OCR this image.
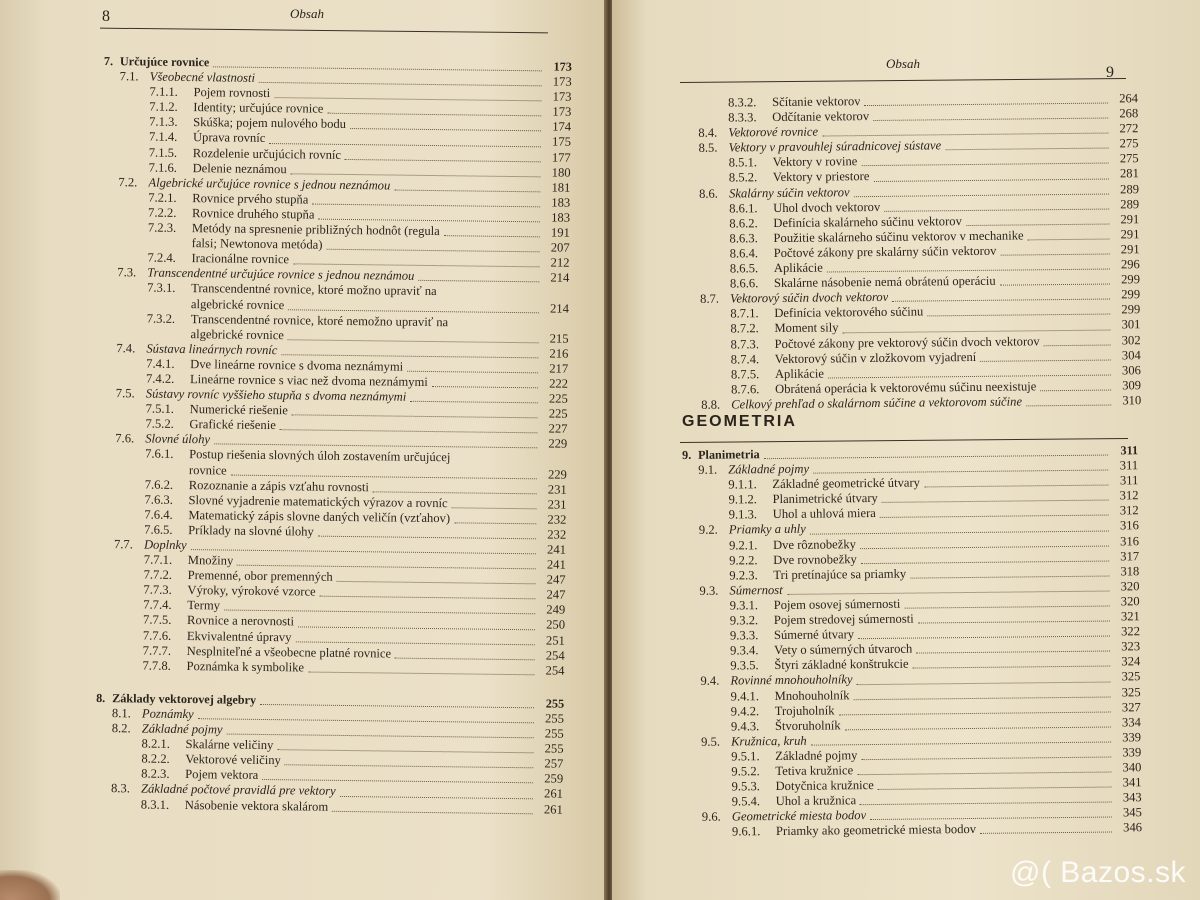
8	Obsah
7. Určujúce rovnice	173
7.1. Všeobecné vlastnosti	173
7.1.1.	Pojem rovnosti	173
7.1.2.	Identity; určujúce rovnice	173
7.1.3.	Skúška; pojem nulového bodu	174
7.1.4.	Úprava rovníc	175
7.1.5.	Rozdelenie určujúcich rovníc	177
7.1.6.	Delenie neznámou	180
7.2. Algebrické určujúce rovnice s jednou neznámou	181
7.2.1.	Rovnice prvého stupňa	183
7.2.2.	Rovnice druhého stupňa	183
7.2.3.	Metódy na spresnenie približných hodnôt (regula	191
falsi; Newtonova metóda)	207
7.2.4.	Iracionálne rovnice	212
7.3. Transcendentné určujúce rovnice s jednou neznámou	214
7.3.1.	Transcendentné rovnice, ktoré možno upraviť na
algebrické rovnice	214
7.3.2.	Transcendentné rovnice, ktoré nemožno upraviť na
algebrické rovnice	215
7.4. Sústava lineárnych rovníc	216
7.4.1.	Dve lineárne rovnice s dvoma neznámymi	217
7.4.2.	Lineárne rovnice s viac než dvoma neznámymi	222
7.5. Sústavy rovníc vyššieho stupňa s dvoma neznámymi	225
7.5.1.	Numerické riešenie	225
7.5.2.	Grafické riešenie	227
7.6. Slovné úlohy	229
7.6.1.	Postup riešenia slovných úloh zostavením určujúcej
rovnice	229
7.6.2.	Rozoznanie a zápis vzťahu rovnosti	231
7.6.3.	Slovné vyjadrenie matematických výrazov a rovníc	231
7.6.4.	Matematický zápis slovne daných veličín (vzťahov)	232
7.6.5.	Príklady na slovné úlohy	232
7.7. Doplnky	241
7.7.1.	Množiny	241
7.7.2.	Premenné, obor premenných	247
7.7.3.	Výroky, výrokové vzorce	247
7.7.4.	Termy	249
7.7.5.	Rovnice a nerovnosti	250
7.7.6.	Ekvivalentné úpravy	251
7.7.7.	Nesplniteľné a všeobecne platné rovnice	254
7.7.8.	Poznámka k symbolike	254
8. Základy vektorovej algebry	255
8.1. Poznámky	255
8.2. Základné pojmy	255
8.2.1.	Skalárne veličiny	255
8.2.2.	Vektorové veličiny	257
8.2.3.	Pojem vektora	259
8.3. Základné počtové pravidlá pre vektory	261
8.3.1.	Násobenie vektora skalárom	261
Obsah
9
8.3.2.	Sčítanie vektorov	264
8.3.3.	Odčítanie vektorov	268
8.4. Vektorové rovnice	272
8.5. Vektory v pravouhlej súradnicovej sústave	275
8.5.1.	Vektory v rovine	275
8.5.2.	Vektory v priestore	281
8.6. Skalárny súčin vektorov	289
8.6.1.	Uhol dvoch vektorov	289
8.6.2.	Definícia skalárneho súčinu vektorov	291
8.6.3.	Použitie skalárneho súčinu vektorov v mechanike	291
8.6.4.	Počtové zákony pre skalárny súčin vektorov	291
8.6.5.	Aplikácie	296
8.6.6.	Skalárne násobenie nemá obrátenú operáciu	299
8.7. Vektorový súčin dvoch vektorov	299
8.7.1.	Definícia vektorového súčinu	299
8.7.2.	Moment sily	301
8.7.3.	Počtové zákony pre vektorový súčin dvoch vektorov	302
8.7.4.	Vektorový súčin v zložkovom vyjadrení	304
8.7.5.	Aplikácie	306
8.7.6.	Obrátená operácia k vektorovému súčinu neexistuje	309
8.8. Celkový prehľad o skalárnom súčine a vektorovom súčine	310
GEOMETRIA
9. Planimetria	311
9.1. Základné pojmy	311
9.1.1.	Základné geometrické útvary	311
9.1.2.	Planimetrické útvary	312
9.1.3.	Uhol a uhlová miera	312
9.2. Priamky a uhly	316
9.2.1.	Dve rôznobežky	316
9.2.2.	Dve rovnobežky	317
9.2.3.	Tri pretínajúce sa priamky	318
9.3. Súmernosť	320
9.3.1.	Pojem osovej súmernosti	320
9.3.2.	Pojem stredovej súmernosti	321
9.3.3.	Súmerné útvary	322
9.3.4.	Vety o súmerných útvaroch	323
9.3.5.	Štyri základné konštrukcie	324
9.4. Rovinné mnohouholníky	325
9.4.1.	Mnohouholník	325
9.4.2.	Trojuholník	327
9.4.3.	Štvoruholník	334
9.5. Kružnica, kruh	339
9.5.1.	Základné pojmy	339
9.5.2.	Tetiva kružnice	340
9.5.3.	Dotyčnica kružnice	341
9.5.4.	Uhol a kružnica	343
9.6. Geometrické miesta bodov	345
9.6.1.	Priamky ako geometrické miesta bodov	346
@( Bazos.sk
